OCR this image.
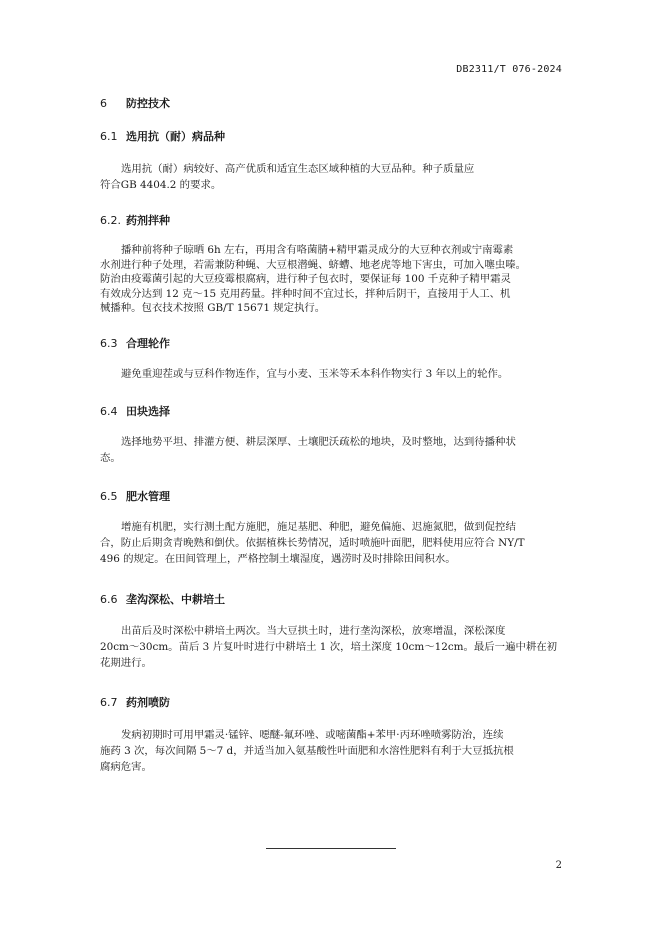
DB2311/T 076-2024
6 防控技术
6.1 选用抗（耐）病品种
选用抗（耐）病较好、高产优质和适宜生态区域种植的大豆品种。种子质量应
符合GB 4404.2 的要求。
6.2. 药剂拌种
播种前将种子晾晒 6h 左右，再用含有咯菌腈+精甲霜灵成分的大豆种衣剂或宁南霉素
水剂进行种子处理，若需兼防种蝇、大豆根潜蝇、蛴螬、地老虎等地下害虫，可加入噻虫嗪。
防治由疫霉菌引起的大豆疫霉根腐病，进行种子包衣时，要保证每 100 千克种子精甲霜灵
有效成分达到 12 克～15 克用药量。拌种时间不宜过长，拌种后阴干，直接用于人工、机
械播种。包衣技术按照 GB/T 15671 规定执行。
6.3 合理轮作
避免重迎茬或与豆科作物连作，宜与小麦、玉米等禾本科作物实行 3 年以上的轮作。
6.4 田块选择
选择地势平坦、排灌方便、耕层深厚、土壤肥沃疏松的地块，及时整地，达到待播种状
态。
6.5 肥水管理
增施有机肥，实行测土配方施肥，施足基肥、种肥，避免偏施、迟施氮肥，做到促控结
合，防止后期贪青晚熟和倒伏。依据植株长势情况，适时喷施叶面肥，肥料使用应符合 NY/T
496 的规定。在田间管理上，严格控制土壤湿度，遇涝时及时排除田间积水。
6.6 垄沟深松、中耕培土
出苗后及时深松中耕培土两次。当大豆拱土时，进行垄沟深松，放寒增温，深松深度
20cm～30cm。苗后 3 片复叶时进行中耕培土 1 次，培土深度 10cm～12cm。最后一遍中耕在初
花期进行。
6.7 药剂喷防
发病初期时可用甲霜灵·锰锌、噁醚-氟环唑、或嘧菌酯+苯甲·丙环唑喷雾防治，连续
施药 3 次，每次间隔 5～7 d，并适当加入氨基酸性叶面肥和水溶性肥料有利于大豆抵抗根
腐病危害。
2
